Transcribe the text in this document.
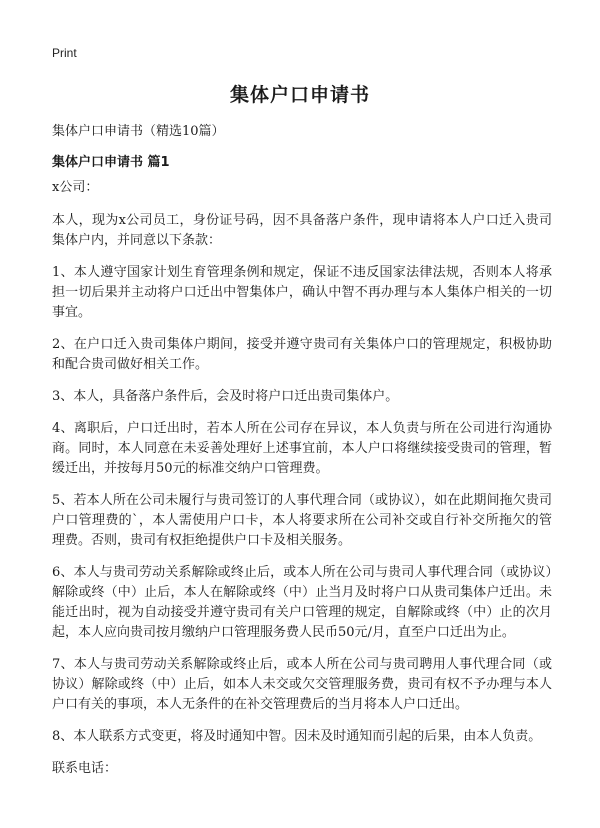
Print
集体户口申请书
集体户口申请书（精选10篇）
集体户口申请书 篇1

x公司：

本人，现为x公司员工，身份证号码，因不具备落户条件，现申请将本人户口迁入贵司集体户内，并同意以下条款：

1、本人遵守国家计划生育管理条例和规定，保证不违反国家法律法规，否则本人将承担一切后果并主动将户口迁出中智集体户，确认中智不再办理与本人集体户相关的一切事宜。

2、在户口迁入贵司集体户期间，接受并遵守贵司有关集体户口的管理规定，积极协助和配合贵司做好相关工作。

3、本人，具备落户条件后，会及时将户口迁出贵司集体户。

4、离职后，户口迁出时，若本人所在公司存在异议，本人负责与所在公司进行沟通协商。同时，本人同意在未妥善处理好上述事宜前，本人户口将继续接受贵司的管理，暂缓迁出，并按每月50元的标准交纳户口管理费。

5、若本人所在公司未履行与贵司签订的人事代理合同（或协议），如在此期间拖欠贵司户口管理费的`，本人需使用户口卡，本人将要求所在公司补交或自行补交所拖欠的管理费。否则，贵司有权拒绝提供户口卡及相关服务。

6、本人与贵司劳动关系解除或终止后，或本人所在公司与贵司人事代理合同（或协议）解除或终（中）止后，本人在解除或终（中）止当月及时将户口从贵司集体户迁出。未能迁出时，视为自动接受并遵守贵司有关户口管理的规定，自解除或终（中）止的次月起，本人应向贵司按月缴纳户口管理服务费人民币50元/月，直至户口迁出为止。

7、本人与贵司劳动关系解除或终止后，或本人所在公司与贵司聘用人事代理合同（或协议）解除或终（中）止后，如本人未交或欠交管理服务费，贵司有权不予办理与本人户口有关的事项，本人无条件的在补交管理费后的当月将本人户口迁出。

8、本人联系方式变更，将及时通知中智。因未及时通知而引起的后果，由本人负责。

联系电话：
